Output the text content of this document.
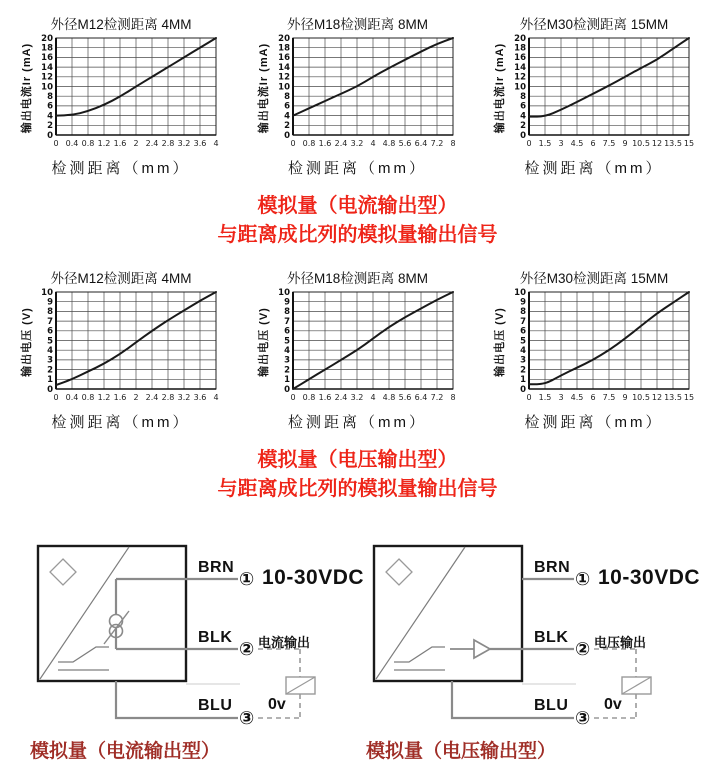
外径M12检测距离 4MM
输出电流Ir (mA)
0 0.4 0.8 1.2 1.6 2 2.4 2.8 3.2 3.6 4
0
2
4
6
8
10
12
14
16
18
20
检测距离（mm）
外径M18检测距离 8MM
输出电流Ir (mA)
0 0.8 1.6 2.4 3.2 4 4.8 5.6 6.4 7.2 8
0
2
4
6
8
10
12
14
16
18
20
检测距离（mm）
外径M30检测距离 15MM
输出电流Ir (mA)
0 1.5 3 4.5 6 7.5 9 10.5 12 13.5 15
0
2
4
6
8
10
12
14
16
18
20
检测距离（mm）
模拟量（电流输出型）
与距离成比列的模拟量输出信号
外径M12检测距离 4MM
输出电压 (V)
0 0.4 0.8 1.2 1.6 2 2.4 2.8 3.2 3.6 4
0
1
2
3
4
5
6
7
8
9
10
检测距离（mm）
外径M18检测距离 8MM
输出电压 (V)
0 0.8 1.6 2.4 3.2 4 4.8 5.6 6.4 7.2 8
0
1
2
3
4
5
6
7
8
9
10
检测距离（mm）
外径M30检测距离 15MM
输出电压 (V)
0 1.5 3 4.5 6 7.5 9 10.5 12 13.5 15
0
1
2
3
4
5
6
7
8
9
10
检测距离（mm）
模拟量（电压输出型）
与距离成比列的模拟量输出信号
BRN
① 10-30VDC
BLK
② 电流输出
BLU
③
0v
模拟量（电流输出型）
BRN
① 10-30VDC
BLK
② 电压输出
BLU
③
0v
模拟量（电压输出型）
